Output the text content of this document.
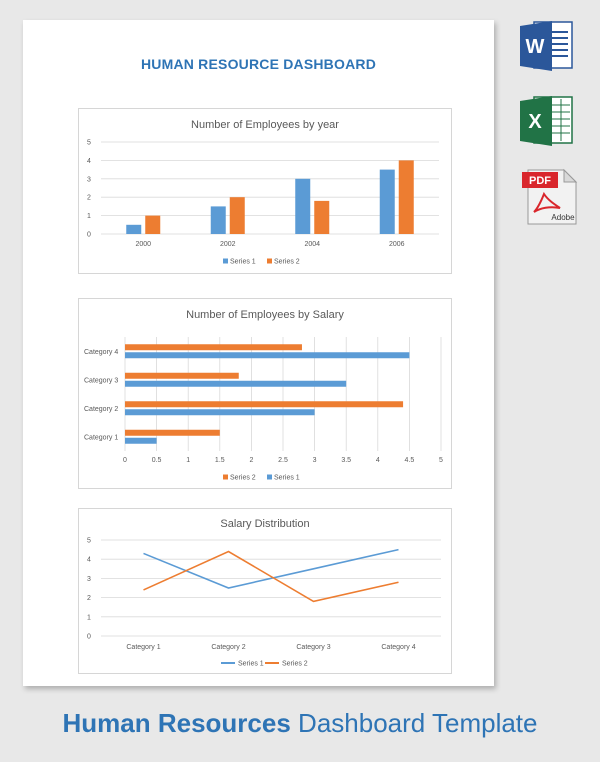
HUMAN RESOURCE DASHBOARD
Number of Employees by year
0
1
2
3
4
5
2000	2002	2004	2006
Series 1	Series 2
Number of Employees by Salary
0	0.5	1	1.5	2	2.5	3	3.5	4	4.5	5
Category 1
Category 2
Category 3
Category 4
Series 2	Series 1
Salary Distribution
0
1
2
3
4
5
Category 1	Category 2	Category 3	Category 4
Series 1	Series 2
W
X
PDF
Adobe
Human Resources Dashboard Template
